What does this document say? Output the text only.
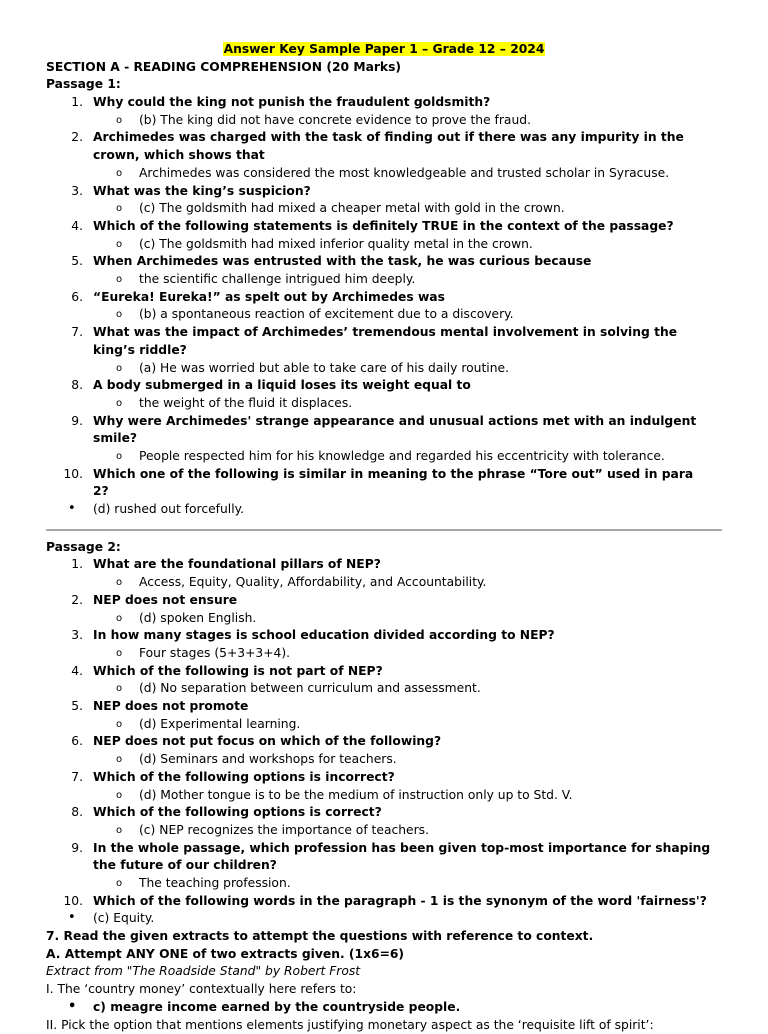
Answer Key Sample Paper 1 – Grade 12 – 2024
SECTION A - READING COMPREHENSION (20 Marks)
Passage 1:
1. Why could the king not punish the fraudulent goldsmith?
o (b) The king did not have concrete evidence to prove the fraud.
2. Archimedes was charged with the task of finding out if there was any impurity in the crown, which shows that
o Archimedes was considered the most knowledgeable and trusted scholar in Syracuse.
3. What was the king’s suspicion?
o (c) The goldsmith had mixed a cheaper metal with gold in the crown.
4. Which of the following statements is definitely TRUE in the context of the passage?
o (c) The goldsmith had mixed inferior quality metal in the crown.
5. When Archimedes was entrusted with the task, he was curious because
o the scientific challenge intrigued him deeply.
6. “Eureka! Eureka!” as spelt out by Archimedes was
o (b) a spontaneous reaction of excitement due to a discovery.
7. What was the impact of Archimedes’ tremendous mental involvement in solving the king’s riddle?
o (a) He was worried but able to take care of his daily routine.
8. A body submerged in a liquid loses its weight equal to
o the weight of the fluid it displaces.
9. Why were Archimedes' strange appearance and unusual actions met with an indulgent smile?
o People respected him for his knowledge and regarded his eccentricity with tolerance.
10. Which one of the following is similar in meaning to the phrase “Tore out” used in para 2?
• (d) rushed out forcefully.
Passage 2:
1. What are the foundational pillars of NEP?
o Access, Equity, Quality, Affordability, and Accountability.
2. NEP does not ensure
o (d) spoken English.
3. In how many stages is school education divided according to NEP?
o Four stages (5+3+3+4).
4. Which of the following is not part of NEP?
o (d) No separation between curriculum and assessment.
5. NEP does not promote
o (d) Experimental learning.
6. NEP does not put focus on which of the following?
o (d) Seminars and workshops for teachers.
7. Which of the following options is incorrect?
o (d) Mother tongue is to be the medium of instruction only up to Std. V.
8. Which of the following options is correct?
o (c) NEP recognizes the importance of teachers.
9. In the whole passage, which profession has been given top-most importance for shaping the future of our children?
o The teaching profession.
10. Which of the following words in the paragraph - 1 is the synonym of the word 'fairness'?
• (c) Equity.
7. Read the given extracts to attempt the questions with reference to context.
A. Attempt ANY ONE of two extracts given. (1x6=6)
Extract from "The Roadside Stand" by Robert Frost
I. The ‘country money’ contextually here refers to:
• c) meagre income earned by the countryside people.
II. Pick the option that mentions elements justifying monetary aspect as the ‘requisite lift of spirit’:
